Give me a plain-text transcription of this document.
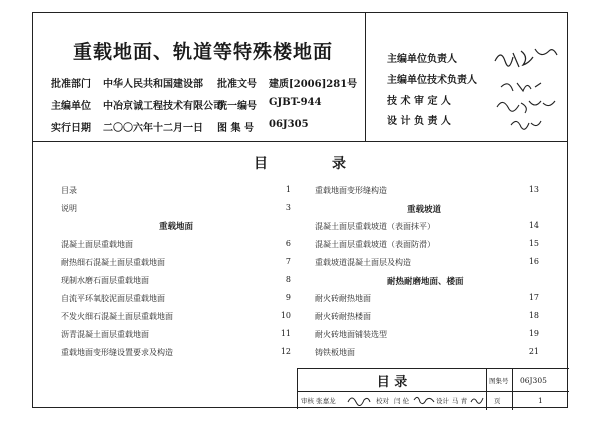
重载地面、轨道等特殊楼地面
批准部门 中华人民共和国建设部 批准文号 建质[2006]281号
主编单位 中冶京诚工程技术有限公司
统一编号 GJBT-944
实行日期 二〇〇六年十二月一日 图 集 号 06J305
主编单位负责人
主编单位技术负责人
技 术 审 定 人
设 计 负 责 人
目	录
目录	1
说明	3
重载地面
混凝土面层重载地面	6
耐热细石混凝土面层重载地面	7
现制水磨石面层重载地面	8
自流平环氧胶泥面层重载地面	9
不发火细石混凝土面层重载地面	10
沥青混凝土面层重载地面	11
重载地面变形缝设置要求及构造	12
重载地面变形缝构造	13
重载坡道
混凝土面层重载坡道（表面抹平）	14
混凝土面层重载坡道（表面防滑）	15
重载坡道混凝土面层及构造	16
耐热耐磨地面、楼面
耐火砖耐热地面	17
耐火砖耐热楼面	18
耐火砖地面铺装选型	19
铸铁板地面	21
目 录	图集号 06J305
审核 张嘉龙	校对 闫 伦	设计 马 青	页	1
